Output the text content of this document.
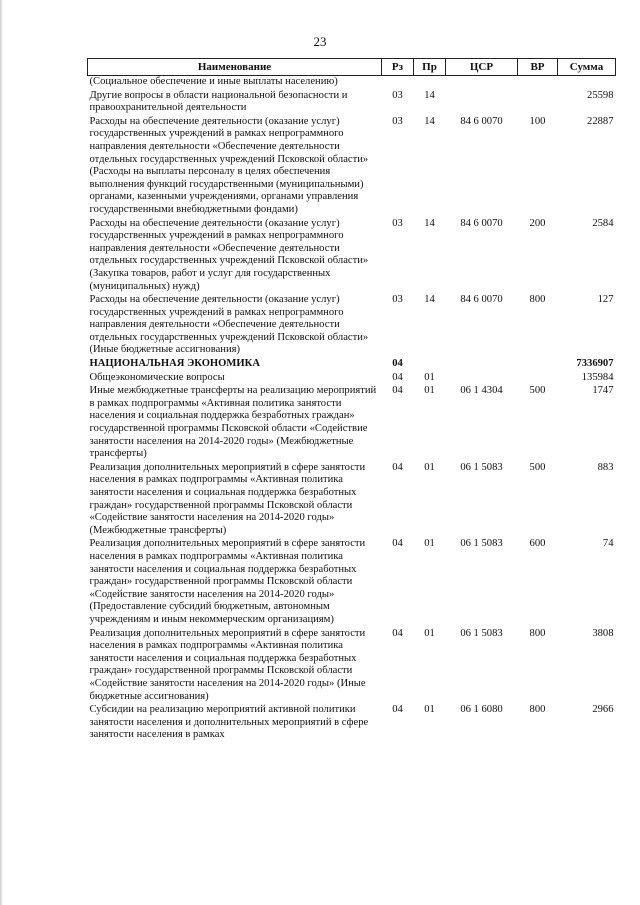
23
Наименование	Рз	Пр	ЦСР	ВР	Сумма
(Социальное обеспечение и иные выплаты населению)					
Другие вопросы в области национальной безопасности и правоохранительной деятельности	03	14			25598
Расходы на обеспечение деятельности (оказание услуг) государственных учреждений в рамках непрограммного направления деятельности «Обеспечение деятельности отдельных государственных учреждений Псковской области» (Расходы на выплаты персоналу в целях обеспечения выполнения функций государственными (муниципальными) органами, казенными учреждениями, органами управления государственными внебюджетными фондами)	03	14	84 6 0070	100	22887
Расходы на обеспечение деятельности (оказание услуг) государственных учреждений в рамках непрограммного направления деятельности «Обеспечение деятельности отдельных государственных учреждений Псковской области» (Закупка товаров, работ и услуг для государственных (муниципальных) нужд)	03	14	84 6 0070	200	2584
Расходы на обеспечение деятельности (оказание услуг) государственных учреждений в рамках непрограммного направления деятельности «Обеспечение деятельности отдельных государственных учреждений Псковской области» (Иные бюджетные ассигнования)	03	14	84 6 0070	800	127
НАЦИОНАЛЬНАЯ ЭКОНОМИКА	04				7336907
Общеэкономические вопросы	04	01			135984
Иные межбюджетные трансферты на реализацию мероприятий в рамках подпрограммы «Активная политика занятости населения и социальная поддержка безработных граждан» государственной программы Псковской области «Содействие занятости населения на 2014-2020 годы» (Межбюджетные трансферты)	04	01	06 1 4304	500	1747
Реализация дополнительных мероприятий в сфере занятости населения в рамках подпрограммы «Активная политика занятости населения и социальная поддержка безработных граждан» государственной программы Псковской области «Содействие занятости населения на 2014-2020 годы» (Межбюджетные трансферты)	04	01	06 1 5083	500	883
Реализация дополнительных мероприятий в сфере занятости населения в рамках подпрограммы «Активная политика занятости населения и социальная поддержка безработных граждан» государственной программы Псковской области «Содействие занятости населения на 2014-2020 годы» (Предоставление субсидий бюджетным, автономным учреждениям и иным некоммерческим организациям)	04	01	06 1 5083	600	74
Реализация дополнительных мероприятий в сфере занятости населения в рамках подпрограммы «Активная политика занятости населения и социальная поддержка безработных граждан» государственной программы Псковской области «Содействие занятости населения на 2014-2020 годы» (Иные бюджетные ассигнования)	04	01	06 1 5083	800	3808
Субсидии на реализацию мероприятий активной политики занятости населения и дополнительных мероприятий в сфере занятости населения в рамках	04	01	06 1 6080	800	2966
